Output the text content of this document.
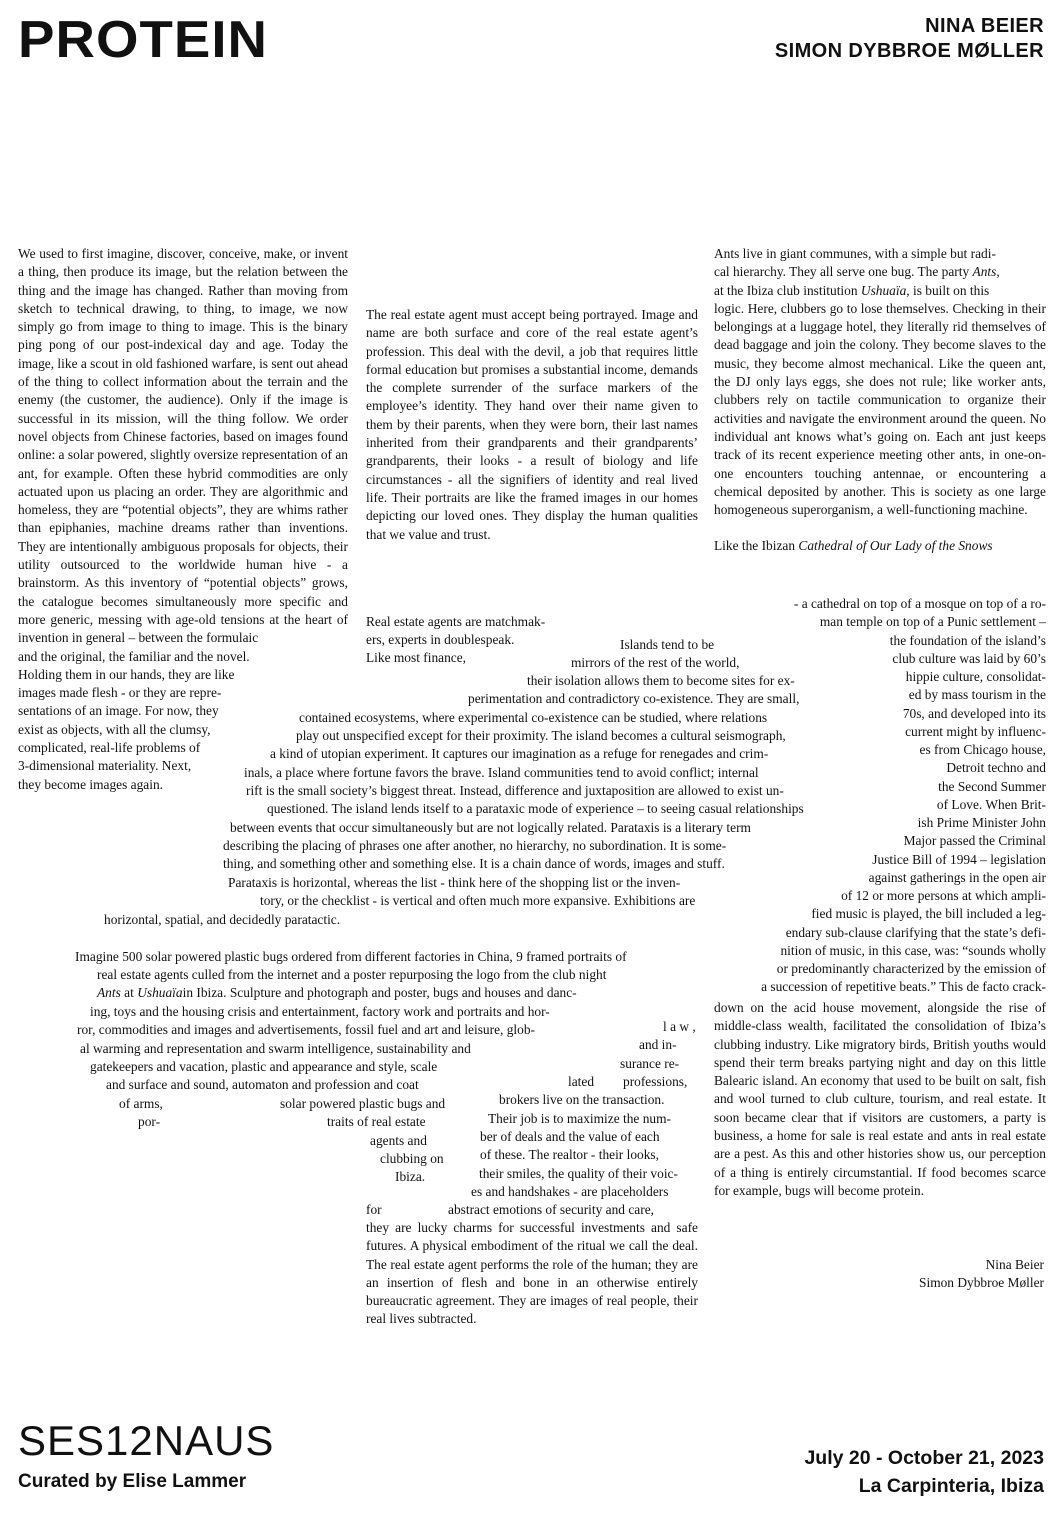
PROTEIN	NINA BEIER
SIMON DYBBROE MØLLER

We used to first imagine, discover, conceive, make, or invent a thing, then produce its image, but the relation between the thing and the image has changed. Rather than moving from sketch to technical drawing, to thing, to image, we now simply go from image to thing to image. This is the binary ping pong of our post-indexical day and age. Today the image, like a scout in old fashioned warfare, is sent out ahead of the thing to collect information about the terrain and the enemy (the customer, the audience). Only if the image is successful in its mission, will the thing follow. We order novel objects from Chinese factories, based on images found online: a solar powered, slightly oversize representation of an ant, for example. Often these hybrid commodities are only actuated upon us placing an order. They are algorithmic and homeless, they are “potential objects”, they are whims rather than epiphanies, machine dreams rather than inventions. They are intentionally ambiguous proposals for objects, their utility outsourced to the worldwide human hive - a brainstorm. As this inventory of “potential objects” grows, the catalogue becomes simultaneously more specific and more generic, messing with age-old tensions at the heart of invention in general – between the formulaic

and the original, the familiar and the novel.
Holding them in our hands, they are like
images made flesh - or they are repre-
sentations of an image. For now, they
exist as objects, with all the clumsy,
complicated, real-life problems of
3-dimensional materiality. Next,
they become images again.

The real estate agent must accept being portrayed. Image and name are both surface and core of the real estate agent’s profession. This deal with the devil, a job that requires little formal education but promises a substantial income, demands the complete surrender of the surface markers of the employee’s identity. They hand over their name given to them by their parents, when they were born, their last names inherited from their grandparents and their grandparents’ grandparents, their looks - a result of biology and life circumstances - all the signifiers of identity and real lived life. Their portraits are like the framed images in our homes depicting our loved ones. They display the human qualities that we value and trust.

Real estate agents are matchmak-
ers, experts in doublespeak.
Like most finance,
Islands tend to be
mirrors of the rest of the world,
their isolation allows them to become sites for ex-
perimentation and contradictory co-existence. They are small,
contained ecosystems, where experimental co-existence can be studied, where relations
play out unspecified except for their proximity. The island becomes a cultural seismograph,
a kind of utopian experiment. It captures our imagination as a refuge for renegades and crim-
inals, a place where fortune favors the brave. Island communities tend to avoid conflict; internal
rift is the small society’s biggest threat. Instead, difference and juxtaposition are allowed to exist un-
questioned. The island lends itself to a parataxic mode of experience – to seeing casual relationships
between events that occur simultaneously but are not logically related. Parataxis is a literary term
describing the placing of phrases one after another, no hierarchy, no subordination. It is some-
thing, and something other and something else. It is a chain dance of words, images and stuff.
Parataxis is horizontal, whereas the list - think here of the shopping list or the inven-
tory, or the checklist - is vertical and often much more expansive. Exhibitions are
horizontal, spatial, and decidedly paratactic.
Imagine 500 solar powered plastic bugs ordered from different factories in China, 9 framed portraits of
real estate agents culled from the internet and a poster repurposing the logo from the club night
Ants at Ushuaïain Ibiza. Sculpture and photograph and poster, bugs and houses and danc-
ing, toys and the housing crisis and entertainment, factory work and portraits and hor-
ror, commodities and images and advertisements, fossil fuel and art and leisure, glob-
al warming and representation and swarm intelligence, sustainability and
gatekeepers and vacation, plastic and appearance and style, scale
and surface and sound, automaton and profession and coat
of arms,	solar powered plastic bugs and
por-	traits of real estate
agents and
clubbing on
Ibiza.
l a w ,
and in-
surance re-
lated professions,
brokers live on the transaction.
Their job is to maximize the num-
ber of deals and the value of each
of these. The realtor - their looks,
their smiles, the quality of their voic-
es and handshakes - are placeholders
for	abstract emotions of security and care,

they are lucky charms for successful investments and safe futures. A physical embodiment of the ritual we call the deal. The real estate agent performs the role of the human; they are an insertion of flesh and bone in an otherwise entirely bureaucratic agreement. They are images of real people, their real lives subtracted.

Ants live in giant communes, with a simple but radi-
cal hierarchy. They all serve one bug. The party Ants,
at the Ibiza club institution Ushuaïa, is built on this

logic. Here, clubbers go to lose themselves. Checking in their belongings at a luggage hotel, they literally rid themselves of dead baggage and join the colony. They become slaves to the music, they become almost mechanical. Like the queen ant, the DJ only lays eggs, she does not rule; like worker ants, clubbers rely on tactile communication to organize their activities and navigate the environment around the queen. No individual ant knows what’s going on. Each ant just keeps track of its recent experience meeting other ants, in one-on-one encounters touching antennae, or encountering a chemical deposited by another. This is society as one large homogeneous superorganism, a well-functioning machine.

Like the Ibizan Cathedral of Our Lady of the Snows
- a cathedral on top of a mosque on top of a ro-
man temple on top of a Punic settlement –
the foundation of the island’s
club culture was laid by 60’s
hippie culture, consolidat-
ed by mass tourism in the
70s, and developed into its
current might by influenc-
es from Chicago house,
Detroit techno and
the Second Summer
of Love. When Brit-
ish Prime Minister John
Major passed the Criminal
Justice Bill of 1994 – legislation
against gatherings in the open air
of 12 or more persons at which ampli-
fied music is played, the bill included a leg-
endary sub-clause clarifying that the state’s defi-
nition of music, in this case, was: “sounds wholly
or predominantly characterized by the emission of
a succession of repetitive beats.” This de facto crack-

down on the acid house movement, alongside the rise of middle-class wealth, facilitated the consolidation of Ibiza’s clubbing industry. Like migratory birds, British youths would spend their term breaks partying night and day on this little Balearic island. An economy that used to be built on salt, fish and wool turned to club culture, tourism, and real estate. It soon became clear that if visitors are customers, a party is business, a home for sale is real estate and ants in real estate are a pest. As this and other histories show us, our perception of a thing is entirely circumstantial. If food becomes scarce for example, bugs will become protein.

Nina Beier
Simon Dybbroe Møller
SES12NAUS
Curated by Elise Lammer
July 20 - October 21, 2023
La Carpinteria, Ibiza
